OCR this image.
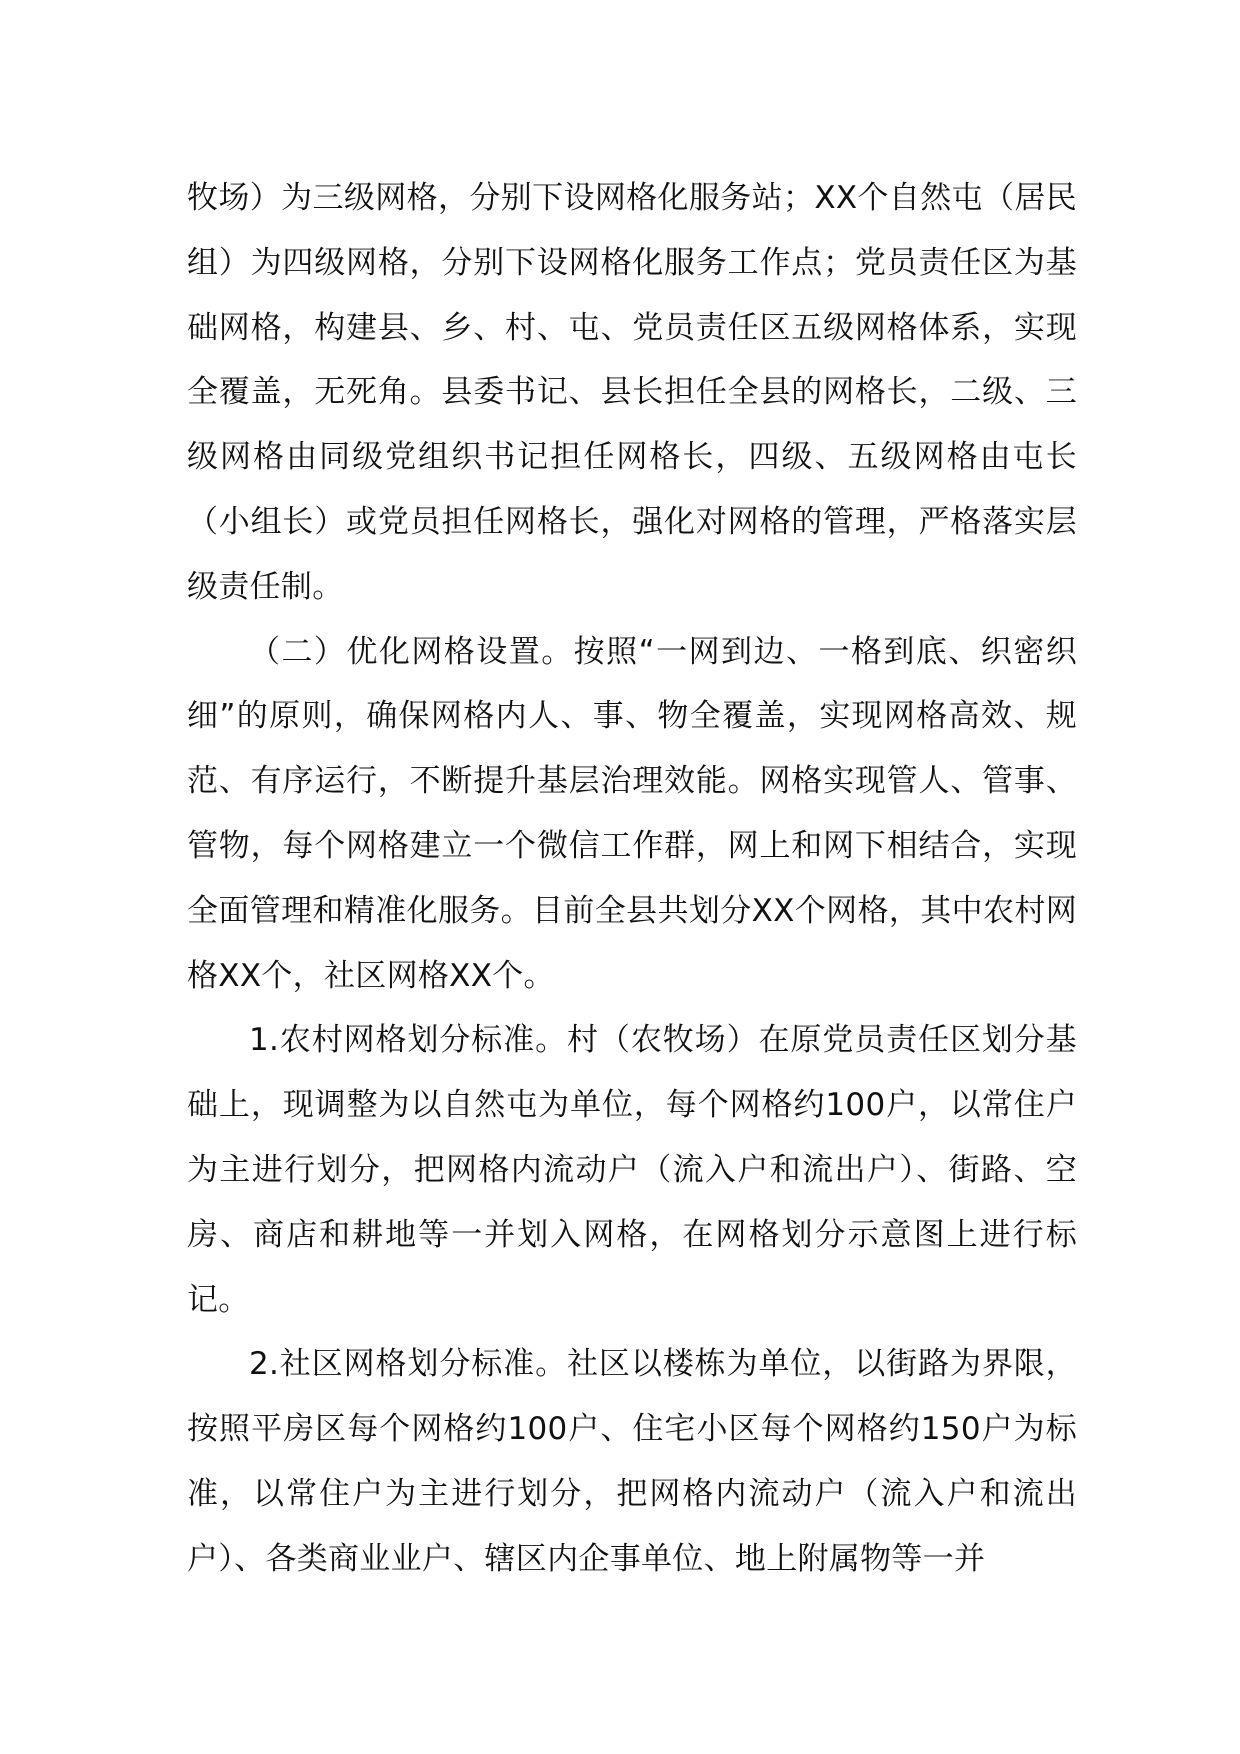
牧场）为三级网格，分别下设网格化服务站；XX个自然屯（居民组）为四级网格，分别下设网格化服务工作点；党员责任区为基础网格，构建县、乡、村、屯、党员责任区五级网格体系，实现全覆盖，无死角。县委书记、县长担任全县的网格长，二级、三级网格由同级党组织书记担任网格长，四级、五级网格由屯长（小组长）或党员担任网格长，强化对网格的管理，严格落实层级责任制。

（二）优化网格设置。按照“一网到边、一格到底、织密织细”的原则，确保网格内人、事、物全覆盖，实现网格高效、规范、有序运行，不断提升基层治理效能。网格实现管人、管事、管物，每个网格建立一个微信工作群，网上和网下相结合，实现全面管理和精准化服务。目前全县共划分XX个网格，其中农村网格XX个，社区网格XX个。

1.农村网格划分标准。村（农牧场）在原党员责任区划分基础上，现调整为以自然屯为单位，每个网格约100户，以常住户为主进行划分，把网格内流动户（流入户和流出户）、街路、空房、商店和耕地等一并划入网格，在网格划分示意图上进行标记。

2.社区网格划分标准。社区以楼栋为单位，以街路为界限，按照平房区每个网格约100户、住宅小区每个网格约150户为标准，以常住户为主进行划分，把网格内流动户（流入户和流出户）、各类商业业户、辖区内企事单位、地上附属物等一并
